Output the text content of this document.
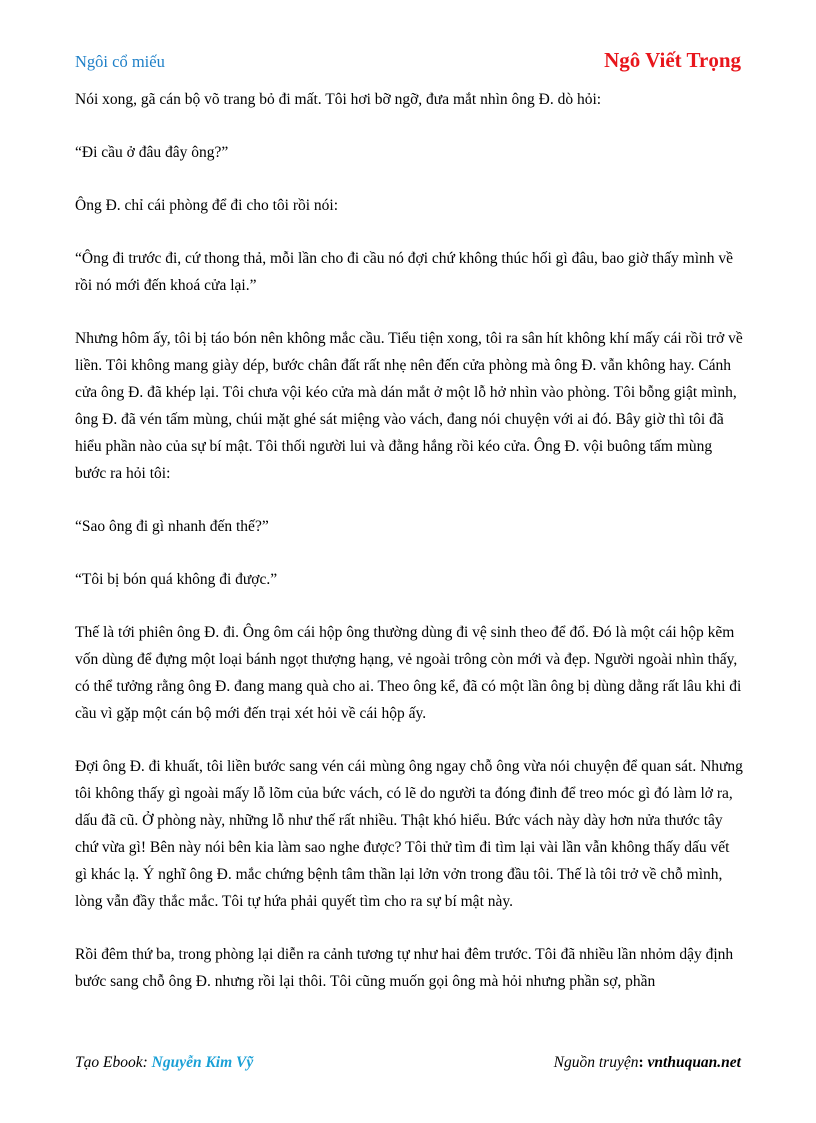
Ngôi cổ miếu	Ngô Viết Trọng

Nói xong, gã cán bộ võ trang bỏ đi mất. Tôi hơi bỡ ngỡ, đưa mắt nhìn ông Đ. dò hỏi:

“Đi cầu ở đâu đây ông?”

Ông Đ. chỉ cái phòng để đi cho tôi rồi nói:

“Ông đi trước đi, cứ thong thả, mỗi lần cho đi cầu nó đợi chứ không thúc hối gì đâu, bao giờ thấy mình về rồi nó mới đến khoá cửa lại.”

Nhưng hôm ấy, tôi bị táo bón nên không mắc cầu. Tiểu tiện xong, tôi ra sân hít không khí mấy cái rồi trở về liền. Tôi không mang giày dép, bước chân đất rất nhẹ nên đến cửa phòng mà ông Đ. vẫn không hay. Cánh cửa ông Đ. đã khép lại. Tôi chưa vội kéo cửa mà dán mắt ở một lỗ hở nhìn vào phòng. Tôi bỗng giật mình, ông Đ. đã vén tấm mùng, chúi mặt ghé sát miệng vào vách, đang nói chuyện với ai đó. Bây giờ thì tôi đã hiểu phần nào của sự bí mật. Tôi thối người lui và đằng hắng rồi kéo cửa. Ông Đ. vội buông tấm mùng bước ra hỏi tôi:

“Sao ông đi gì nhanh đến thế?”

“Tôi bị bón quá không đi được.”

Thế là tới phiên ông Đ. đi. Ông ôm cái hộp ông thường dùng đi vệ sinh theo để đổ. Đó là một cái hộp kẽm vốn dùng để đựng một loại bánh ngọt thượng hạng, vẻ ngoài trông còn mới và đẹp. Người ngoài nhìn thấy, có thể tưởng rằng ông Đ. đang mang quà cho ai. Theo ông kể, đã có một lần ông bị dùng dằng rất lâu khi đi cầu vì gặp một cán bộ mới đến trại xét hỏi về cái hộp ấy.

Đợi ông Đ. đi khuất, tôi liền bước sang vén cái mùng ông ngay chỗ ông vừa nói chuyện để quan sát. Nhưng tôi không thấy gì ngoài mấy lỗ lõm của bức vách, có lẽ do người ta đóng đinh để treo móc gì đó làm lở ra, dấu đã cũ. Ở phòng này, những lỗ như thế rất nhiều. Thật khó hiểu. Bức vách này dày hơn nửa thước tây chứ vừa gì! Bên này nói bên kia làm sao nghe được? Tôi thử tìm đi tìm lại vài lần vẫn không thấy dấu vết gì khác lạ. Ý nghĩ ông Đ. mắc chứng bệnh tâm thần lại lởn vởn trong đầu tôi. Thế là tôi trở về chỗ mình, lòng vẫn đầy thắc mắc. Tôi tự hứa phải quyết tìm cho ra sự bí mật này.

Rồi đêm thứ ba, trong phòng lại diễn ra cảnh tương tự như hai đêm trước. Tôi đã nhiều lần nhỏm dậy định bước sang chỗ ông Đ. nhưng rồi lại thôi. Tôi cũng muốn gọi ông mà hỏi nhưng phần sợ, phần

Tạo Ebook: Nguyễn Kim Vỹ	Nguồn truyện: vnthuquan.net
